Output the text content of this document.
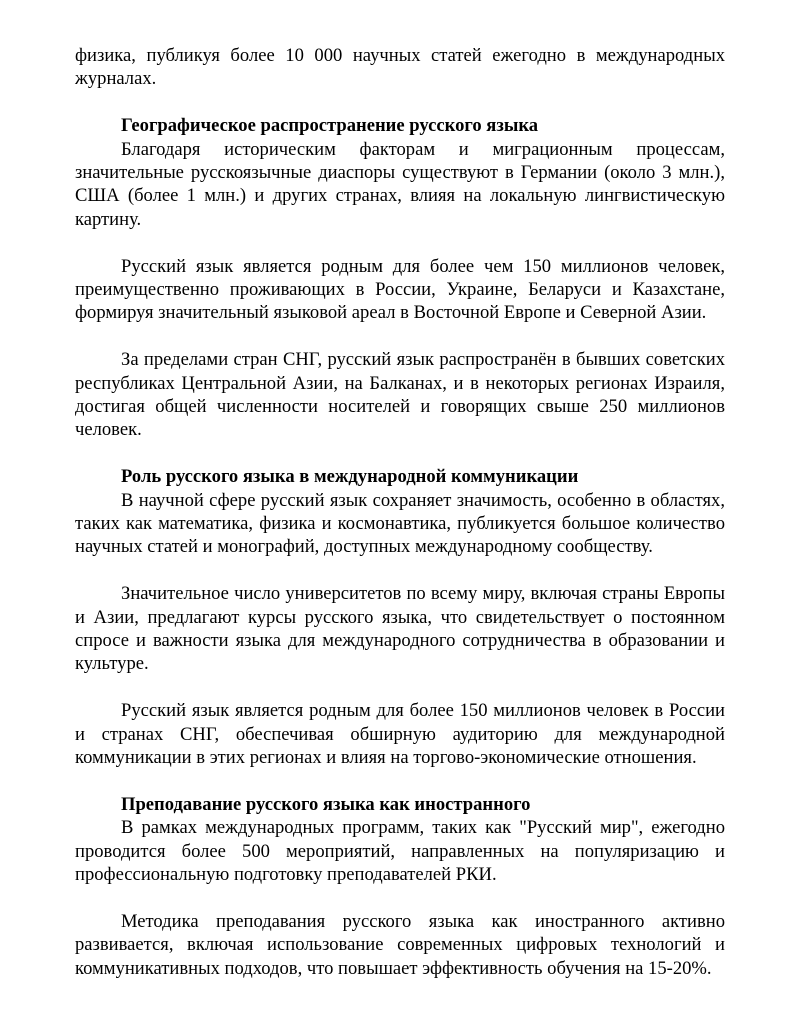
физика, публикуя более 10 000 научных статей ежегодно в международных журналах.

Географическое распространение русского языка

Благодаря историческим факторам и миграционным процессам, значительные русскоязычные диаспоры существуют в Германии (около 3 млн.), США (более 1 млн.) и других странах, влияя на локальную лингвистическую картину.

Русский язык является родным для более чем 150 миллионов человек, преимущественно проживающих в России, Украине, Беларуси и Казахстане, формируя значительный языковой ареал в Восточной Европе и Северной Азии.

За пределами стран СНГ, русский язык распространён в бывших советских республиках Центральной Азии, на Балканах, и в некоторых регионах Израиля, достигая общей численности носителей и говорящих свыше 250 миллионов человек.

Роль русского языка в международной коммуникации

В научной сфере русский язык сохраняет значимость, особенно в областях, таких как математика, физика и космонавтика, публикуется большое количество научных статей и монографий, доступных международному сообществу.

Значительное число университетов по всему миру, включая страны Европы и Азии, предлагают курсы русского языка, что свидетельствует о постоянном спросе и важности языка для международного сотрудничества в образовании и культуре.

Русский язык является родным для более 150 миллионов человек в России и странах СНГ, обеспечивая обширную аудиторию для международной коммуникации в этих регионах и влияя на торгово-экономические отношения.

Преподавание русского языка как иностранного

В рамках международных программ, таких как "Русский мир", ежегодно проводится более 500 мероприятий, направленных на популяризацию и профессиональную подготовку преподавателей РКИ.

Методика преподавания русского языка как иностранного активно развивается, включая использование современных цифровых технологий и коммуникативных подходов, что повышает эффективность обучения на 15-20%.
